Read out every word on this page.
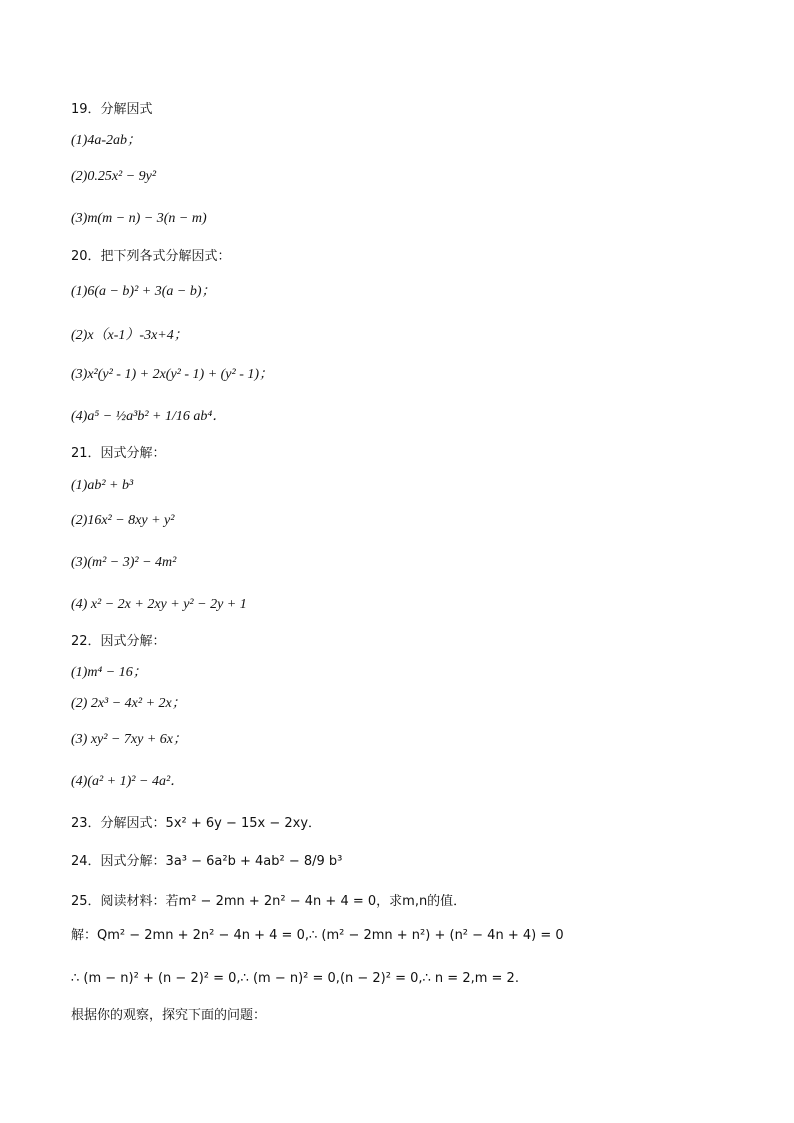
19．分解因式
(1)4a-2ab；
(2)0.25x² − 9y²
(3)m(m − n) − 3(n − m)
20．把下列各式分解因式：
(1)6(a − b)² + 3(a − b)；
(2)x（x-1）-3x+4；
(3)x²(y² - 1) + 2x(y² - 1) + (y² - 1)；
(4)a⁵ − ½a³b² + 1/16 ab⁴．
21．因式分解：
(1)ab² + b³
(2)16x² − 8xy + y²
(3)(m² − 3)² − 4m²
(4) x² − 2x + 2xy + y² − 2y + 1
22．因式分解：
(1)m⁴ − 16；
(2) 2x³ − 4x² + 2x；
(3) xy² − 7xy + 6x；
(4)(a² + 1)² − 4a²．
23．分解因式：5x² + 6y − 15x − 2xy．
24．因式分解：3a³ − 6a²b + 4ab² − 8/9 b³
25．阅读材料：若m² − 2mn + 2n² − 4n + 4 = 0，求m,n的值．
解：Qm² − 2mn + 2n² − 4n + 4 = 0,∴ (m² − 2mn + n²) + (n² − 4n + 4) = 0
∴ (m − n)² + (n − 2)² = 0,∴ (m − n)² = 0,(n − 2)² = 0,∴ n = 2,m = 2.
根据你的观察，探究下面的问题：
